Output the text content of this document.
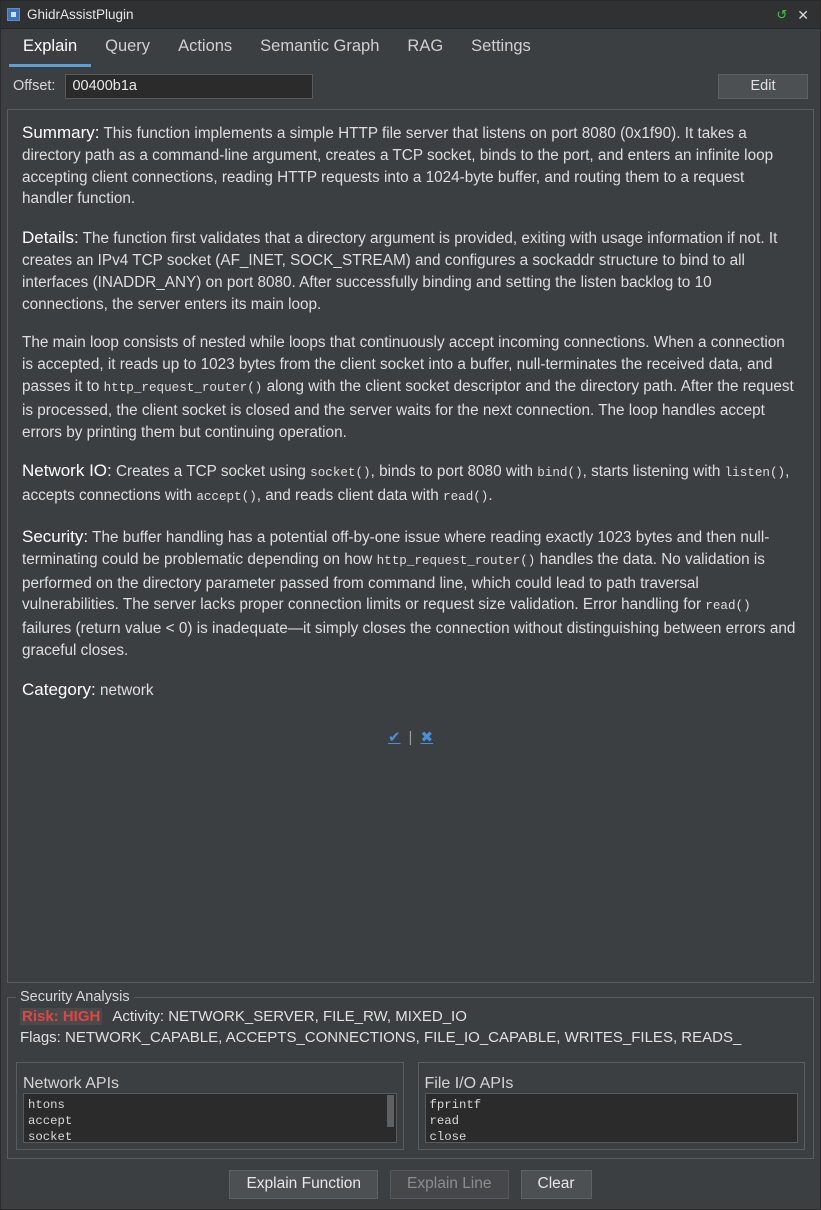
GhidrAssistPlugin	↺ ✕
Explain Query Actions Semantic Graph RAG Settings
Offset:
00400b1a	Edit

Summary: This function implements a simple HTTP file server that listens on port 8080 (0x1f90). It takes a directory path as a command-line argument, creates a TCP socket, binds to the port, and enters an infinite loop accepting client connections, reading HTTP requests into a 1024-byte buffer, and routing them to a request handler function.

Details: The function first validates that a directory argument is provided, exiting with usage information if not. It creates an IPv4 TCP socket (AF_INET, SOCK_STREAM) and configures a sockaddr structure to bind to all interfaces (INADDR_ANY) on port 8080. After successfully binding and setting the listen backlog to 10 connections, the server enters its main loop.

The main loop consists of nested while loops that continuously accept incoming connections. When a connection is accepted, it reads up to 1023 bytes from the client socket into a buffer, null-terminates the received data, and passes it to http_request_router() along with the client socket descriptor and the directory path. After the request is processed, the client socket is closed and the server waits for the next connection. The loop handles accept errors by printing them but continuing operation.

Network IO: Creates a TCP socket using socket(), binds to port 8080 with bind(), starts listening with listen(), accepts connections with accept(), and reads client data with read().

Security: The buffer handling has a potential off-by-one issue where reading exactly 1023 bytes and then null-terminating could be problematic depending on how http_request_router() handles the data. No validation is performed on the directory parameter passed from command line, which could lead to path traversal vulnerabilities. The server lacks proper connection limits or request size validation. Error handling for read() failures (return value < 0) is inadequate—it simply closes the connection without distinguishing between errors and graceful closes.

Category: network

✔ | ✖
Security Analysis
Risk: HIGH Activity: NETWORK_SERVER, FILE_RW, MIXED_IO
Flags: NETWORK_CAPABLE, ACCEPTS_CONNECTIONS, FILE_IO_CAPABLE, WRITES_FILES, READS_
Network APIs
htons
accept
socket
File I/O APIs
fprintf
read
close
Explain Function	Explain Line	Clear
